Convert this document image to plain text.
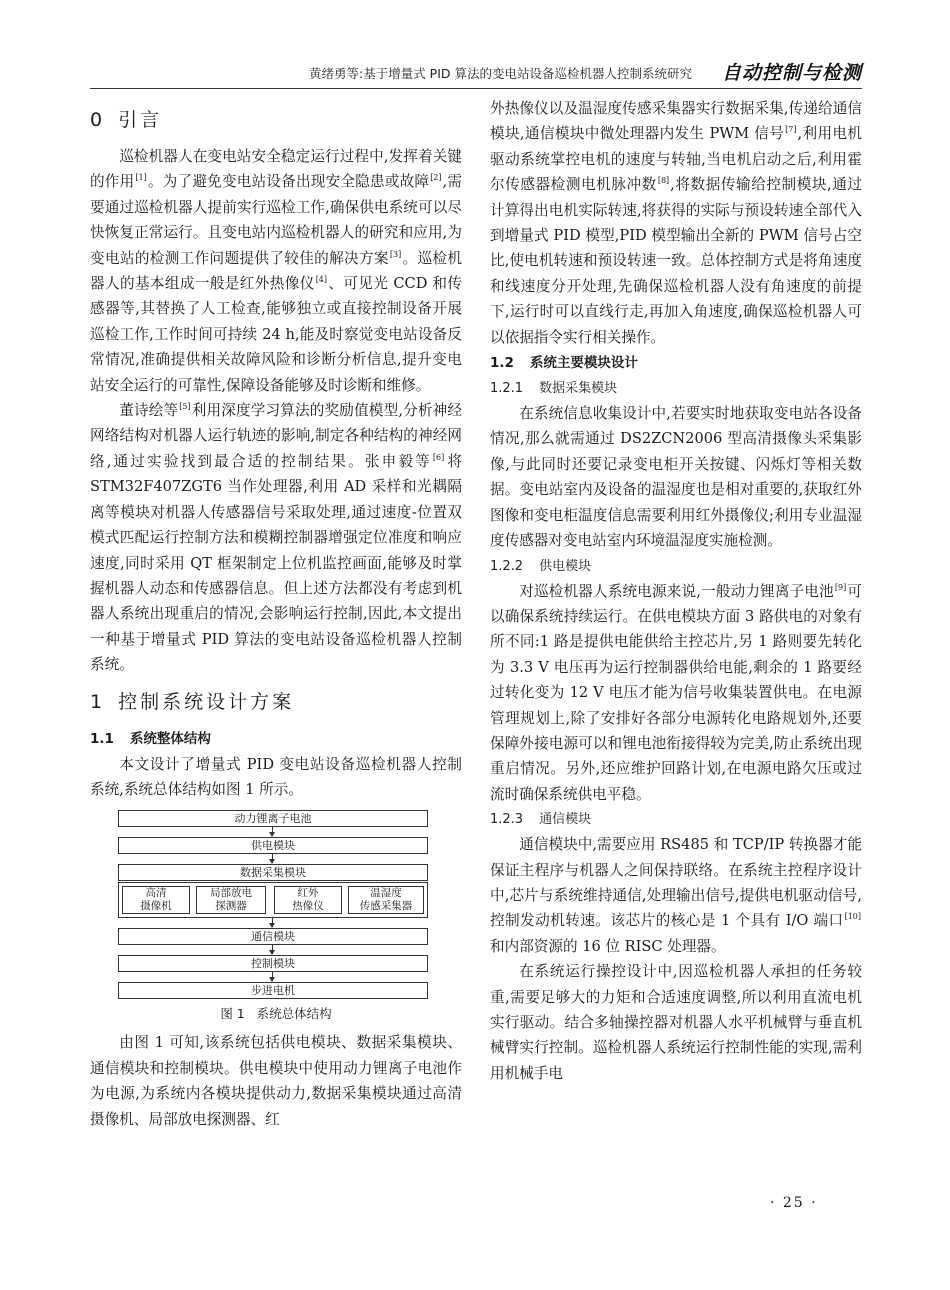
黄绪勇等:基于增量式 PID 算法的变电站设备巡检机器人控制系统研究 自动控制与检测
0 引言

巡检机器人在变电站安全稳定运行过程中,发挥着关键的作用[1]。为了避免变电站设备出现安全隐患或故障[2],需要通过巡检机器人提前实行巡检工作,确保供电系统可以尽快恢复正常运行。且变电站内巡检机器人的研究和应用,为变电站的检测工作问题提供了较佳的解决方案[3]。巡检机器人的基本组成一般是红外热像仪[4]、可见光 CCD 和传感器等,其替换了人工检查,能够独立或直接控制设备开展巡检工作,工作时间可持续 24 h,能及时察觉变电站设备反常情况,准确提供相关故障风险和诊断分析信息,提升变电站安全运行的可靠性,保障设备能够及时诊断和维修。

董诗绘等[5]利用深度学习算法的奖励值模型,分析神经网络结构对机器人运行轨迹的影响,制定各种结构的神经网络,通过实验找到最合适的控制结果。张申毅等[6]将 STM32F407ZGT6 当作处理器,利用 AD 采样和光耦隔离等模块对机器人传感器信号采取处理,通过速度-位置双模式匹配运行控制方法和模糊控制器增强定位准度和响应速度,同时采用 QT 框架制定上位机监控画面,能够及时掌握机器人动态和传感器信息。但上述方法都没有考虑到机器人系统出现重启的情况,会影响运行控制,因此,本文提出一种基于增量式 PID 算法的变电站设备巡检机器人控制系统。

1 控制系统设计方案
1.1 系统整体结构

本文设计了增量式 PID 变电站设备巡检机器人控制系统,系统总体结构如图 1 所示。

动力锂离子电池
供电模块
数据采集模块
高清
摄像机
局部放电
探测器
红外
热像仪
温湿度
传感采集器
通信模块
控制模块
步进电机
图 1 系统总体结构

由图 1 可知,该系统包括供电模块、数据采集模块、通信模块和控制模块。供电模块中使用动力锂离子电池作为电源,为系统内各模块提供动力,数据采集模块通过高清摄像机、局部放电探测器、红

外热像仪以及温湿度传感采集器实行数据采集,传递给通信模块,通信模块中微处理器内发生 PWM 信号[7],利用电机驱动系统掌控电机的速度与转轴,当电机启动之后,利用霍尔传感器检测电机脉冲数[8],将数据传输给控制模块,通过计算得出电机实际转速,将获得的实际与预设转速全部代入到增量式 PID 模型,PID 模型输出全新的 PWM 信号占空比,使电机转速和预设转速一致。总体控制方式是将角速度和线速度分开处理,先确保巡检机器人没有角速度的前提下,运行时可以直线行走,再加入角速度,确保巡检机器人可以依据指令实行相关操作。

1.2 系统主要模块设计
1.2.1 数据采集模块

在系统信息收集设计中,若要实时地获取变电站各设备情况,那么就需通过 DS2ZCN2006 型高清摄像头采集影像,与此同时还要记录变电柜开关按键、闪烁灯等相关数据。变电站室内及设备的温湿度也是相对重要的,获取红外图像和变电柜温度信息需要利用红外摄像仪;利用专业温湿度传感器对变电站室内环境温湿度实施检测。

1.2.2 供电模块

对巡检机器人系统电源来说,一般动力锂离子电池[9]可以确保系统持续运行。在供电模块方面 3 路供电的对象有所不同:1 路是提供电能供给主控芯片,另 1 路则要先转化为 3.3 V 电压再为运行控制器供给电能,剩余的 1 路要经过转化变为 12 V 电压才能为信号收集装置供电。在电源管理规划上,除了安排好各部分电源转化电路规划外,还要保障外接电源可以和锂电池衔接得较为完美,防止系统出现重启情况。另外,还应维护回路计划,在电源电路欠压或过流时确保系统供电平稳。

1.2.3 通信模块

通信模块中,需要应用 RS485 和 TCP/IP 转换器才能保证主程序与机器人之间保持联络。在系统主控程序设计中,芯片与系统维持通信,处理输出信号,提供电机驱动信号,控制发动机转速。该芯片的核心是 1 个具有 I/O 端口[10]和内部资源的 16 位 RISC 处理器。

在系统运行操控设计中,因巡检机器人承担的任务较重,需要足够大的力矩和合适速度调整,所以利用直流电机实行驱动。结合多轴操控器对机器人水平机械臂与垂直机械臂实行控制。巡检机器人系统运行控制性能的实现,需利用机械手电

· 25 ·
